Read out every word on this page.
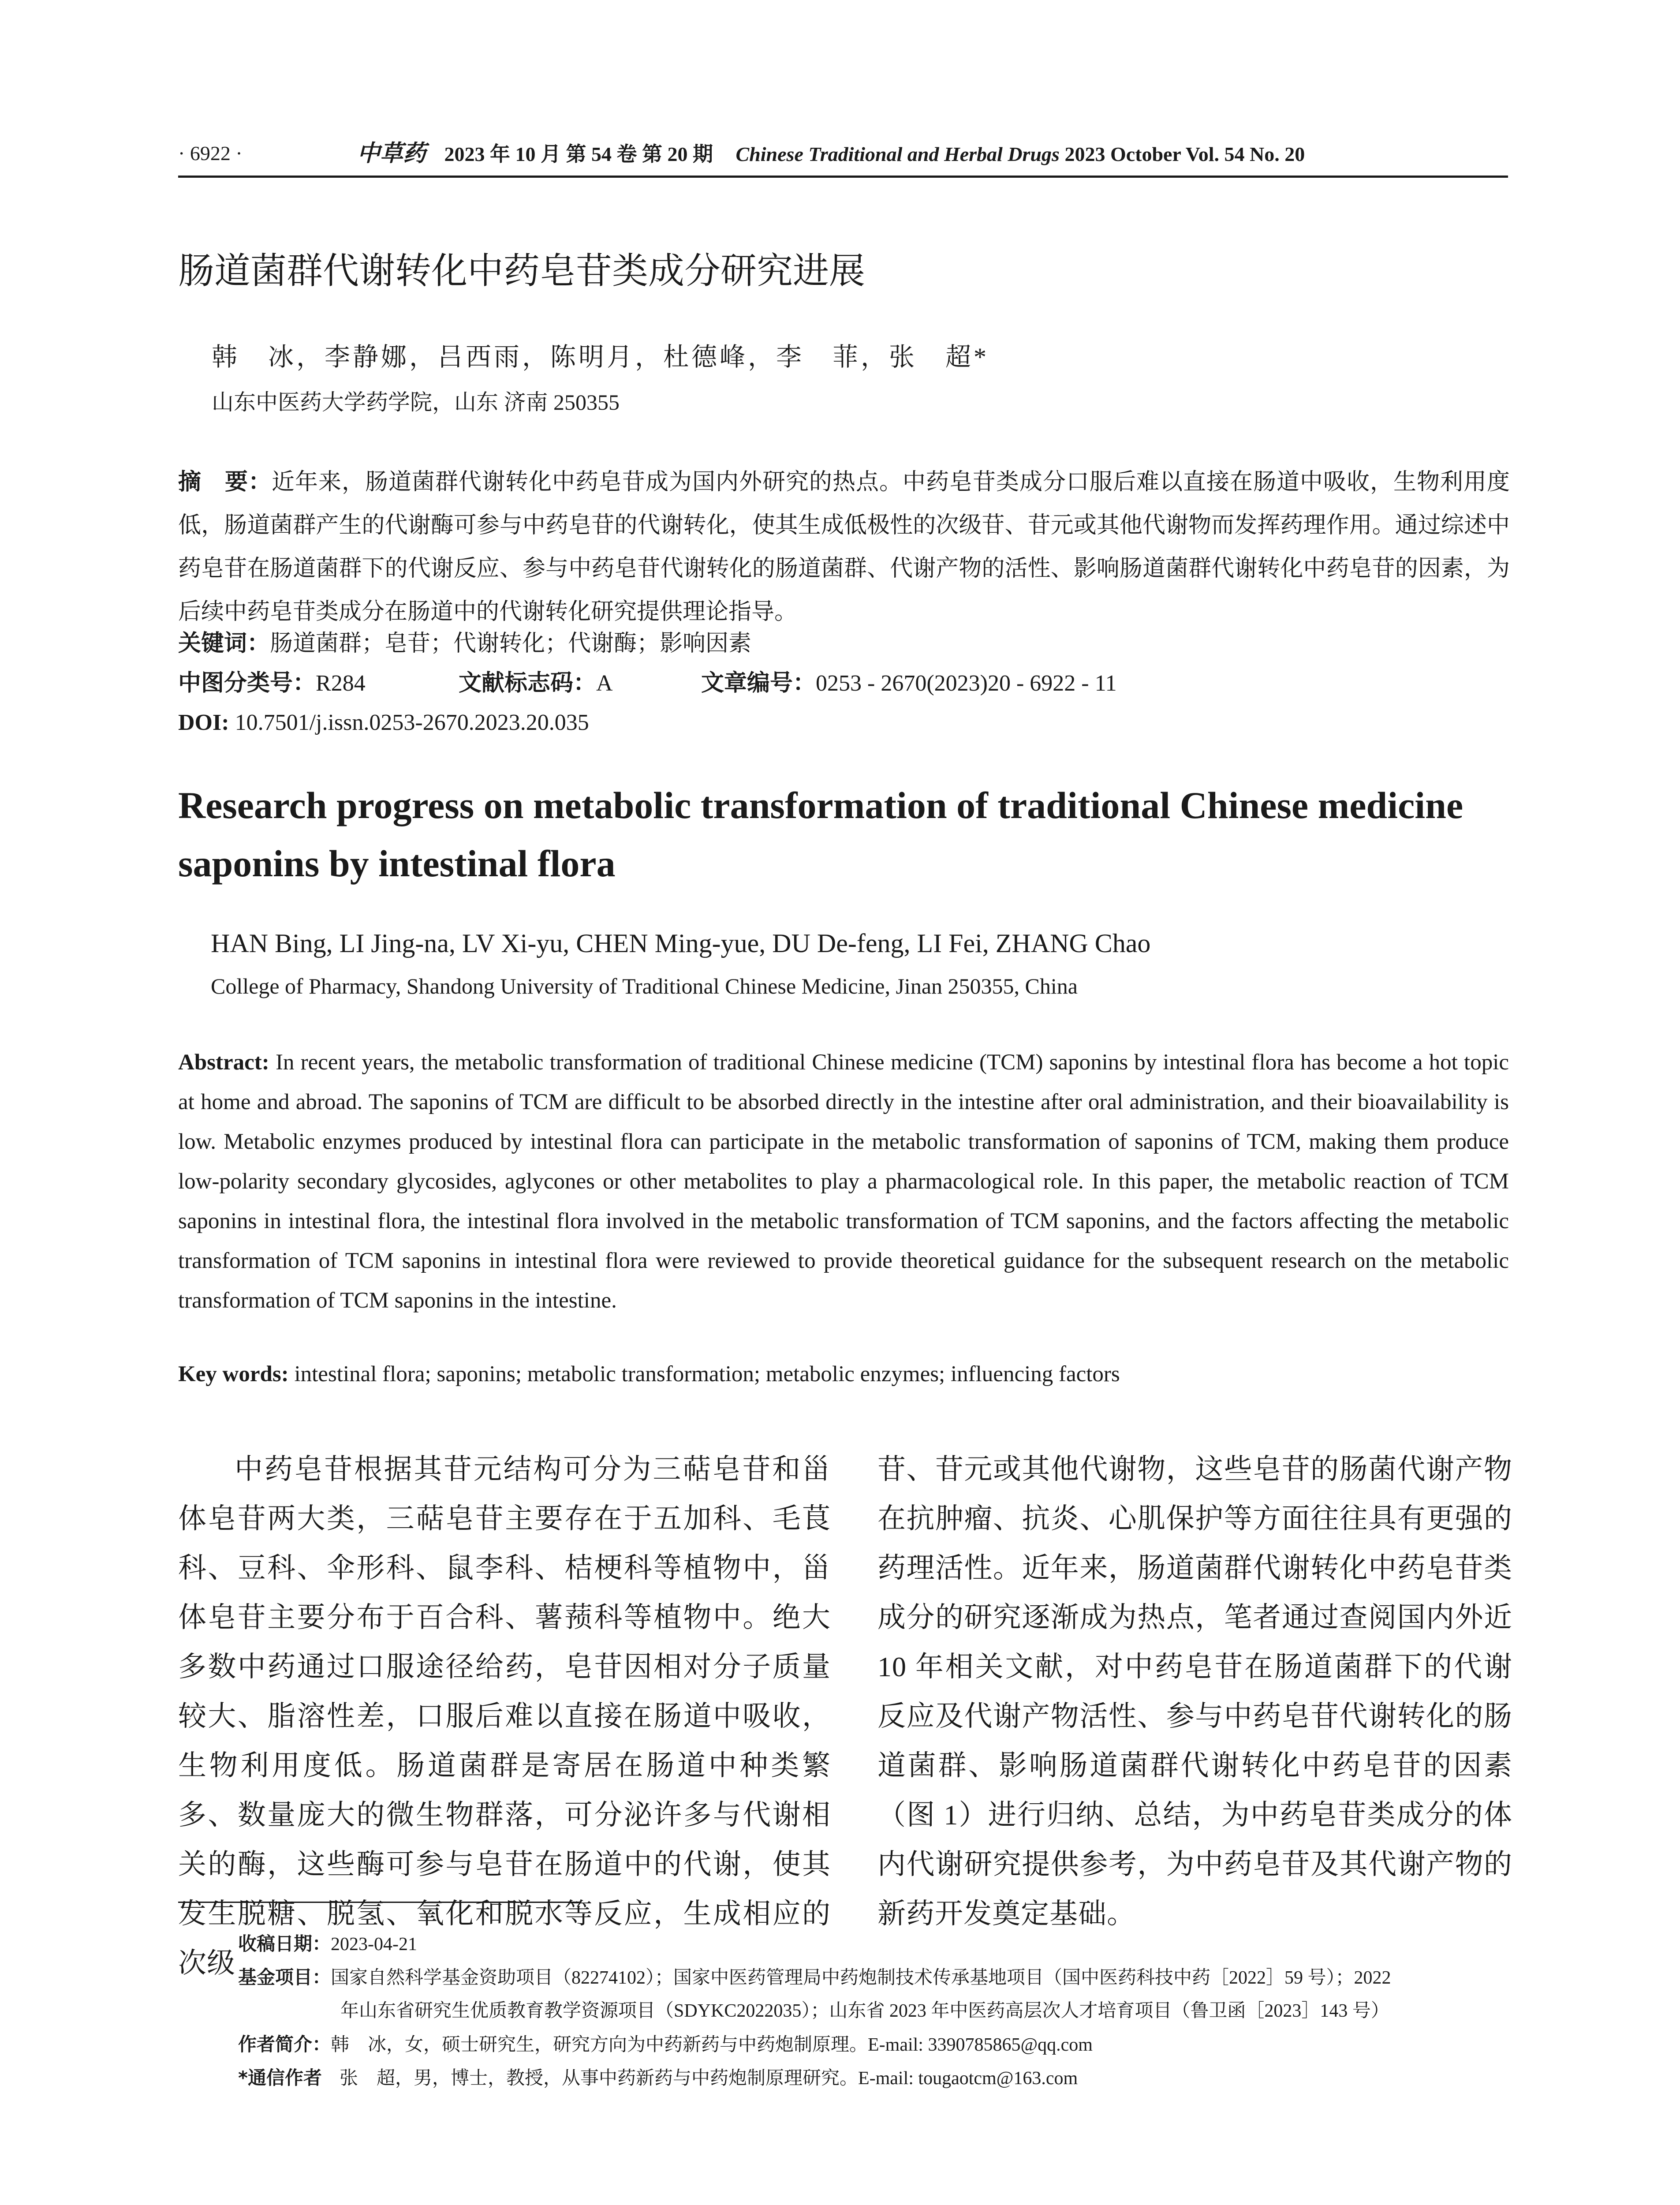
· 6922 ·	中草药 2023 年 10 月 第 54 卷 第 20 期 Chinese Traditional and Herbal Drugs 2023 October Vol. 54 No. 20
肠道菌群代谢转化中药皂苷类成分研究进展
韩　冰，李静娜，吕西雨，陈明月，杜德峰，李　菲，张　超*
山东中医药大学药学院，山东 济南 250355
摘　要：近年来，肠道菌群代谢转化中药皂苷成为国内外研究的热点。中药皂苷类成分口服后难以直接在肠道中吸收，生物利用度低，肠道菌群产生的代谢酶可参与中药皂苷的代谢转化，使其生成低极性的次级苷、苷元或其他代谢物而发挥药理作用。通过综述中药皂苷在肠道菌群下的代谢反应、参与中药皂苷代谢转化的肠道菌群、代谢产物的活性、影响肠道菌群代谢转化中药皂苷的因素，为后续中药皂苷类成分在肠道中的代谢转化研究提供理论指导。
关键词：肠道菌群；皂苷；代谢转化；代谢酶；影响因素
中图分类号：R284	文献标志码：A	文章编号：0253 - 2670(2023)20 - 6922 - 11
DOI: 10.7501/j.issn.0253-2670.2023.20.035
Research progress on metabolic transformation of traditional Chinese medicine saponins by intestinal flora
HAN Bing, LI Jing-na, LV Xi-yu, CHEN Ming-yue, DU De-feng, LI Fei, ZHANG Chao
College of Pharmacy, Shandong University of Traditional Chinese Medicine, Jinan 250355, China
Abstract: In recent years, the metabolic transformation of traditional Chinese medicine (TCM) saponins by intestinal flora has become a hot topic at home and abroad. The saponins of TCM are difficult to be absorbed directly in the intestine after oral administration, and their bioavailability is low. Metabolic enzymes produced by intestinal flora can participate in the metabolic transformation of saponins of TCM, making them produce low-polarity secondary glycosides, aglycones or other metabolites to play a pharmacological role. In this paper, the metabolic reaction of TCM saponins in intestinal flora, the intestinal flora involved in the metabolic transformation of TCM saponins, and the factors affecting the metabolic transformation of TCM saponins in intestinal flora were reviewed to provide theoretical guidance for the subsequent research on the metabolic transformation of TCM saponins in the intestine.
Key words: intestinal flora; saponins; metabolic transformation; metabolic enzymes; influencing factors
中药皂苷根据其苷元结构可分为三萜皂苷和甾体皂苷两大类，三萜皂苷主要存在于五加科、毛茛科、豆科、伞形科、鼠李科、桔梗科等植物中，甾体皂苷主要分布于百合科、薯蓣科等植物中。绝大多数中药通过口服途径给药，皂苷因相对分子质量较大、脂溶性差，口服后难以直接在肠道中吸收，生物利用度低。肠道菌群是寄居在肠道中种类繁多、数量庞大的微生物群落，可分泌许多与代谢相关的酶，这些酶可参与皂苷在肠道中的代谢，使其发生脱糖、脱氢、氧化和脱水等反应，生成相应的次级
苷、苷元或其他代谢物，这些皂苷的肠菌代谢产物在抗肿瘤、抗炎、心肌保护等方面往往具有更强的药理活性。近年来，肠道菌群代谢转化中药皂苷类成分的研究逐渐成为热点，笔者通过查阅国内外近 10 年相关文献，对中药皂苷在肠道菌群下的代谢反应及代谢产物活性、参与中药皂苷代谢转化的肠道菌群、影响肠道菌群代谢转化中药皂苷的因素（图 1）进行归纳、总结，为中药皂苷类成分的体内代谢研究提供参考，为中药皂苷及其代谢产物的新药开发奠定基础。
收稿日期：2023-04-21
基金项目：国家自然科学基金资助项目（82274102）；国家中医药管理局中药炮制技术传承基地项目（国中医药科技中药［2022］59 号）；2022
年山东省研究生优质教育教学资源项目（SDYKC2022035）；山东省 2023 年中医药高层次人才培育项目（鲁卫函［2023］143 号）
作者简介：韩　冰，女，硕士研究生，研究方向为中药新药与中药炮制原理。E-mail: 3390785865@qq.com
*通信作者 张　超，男，博士，教授，从事中药新药与中药炮制原理研究。E-mail: tougaotcm@163.com
